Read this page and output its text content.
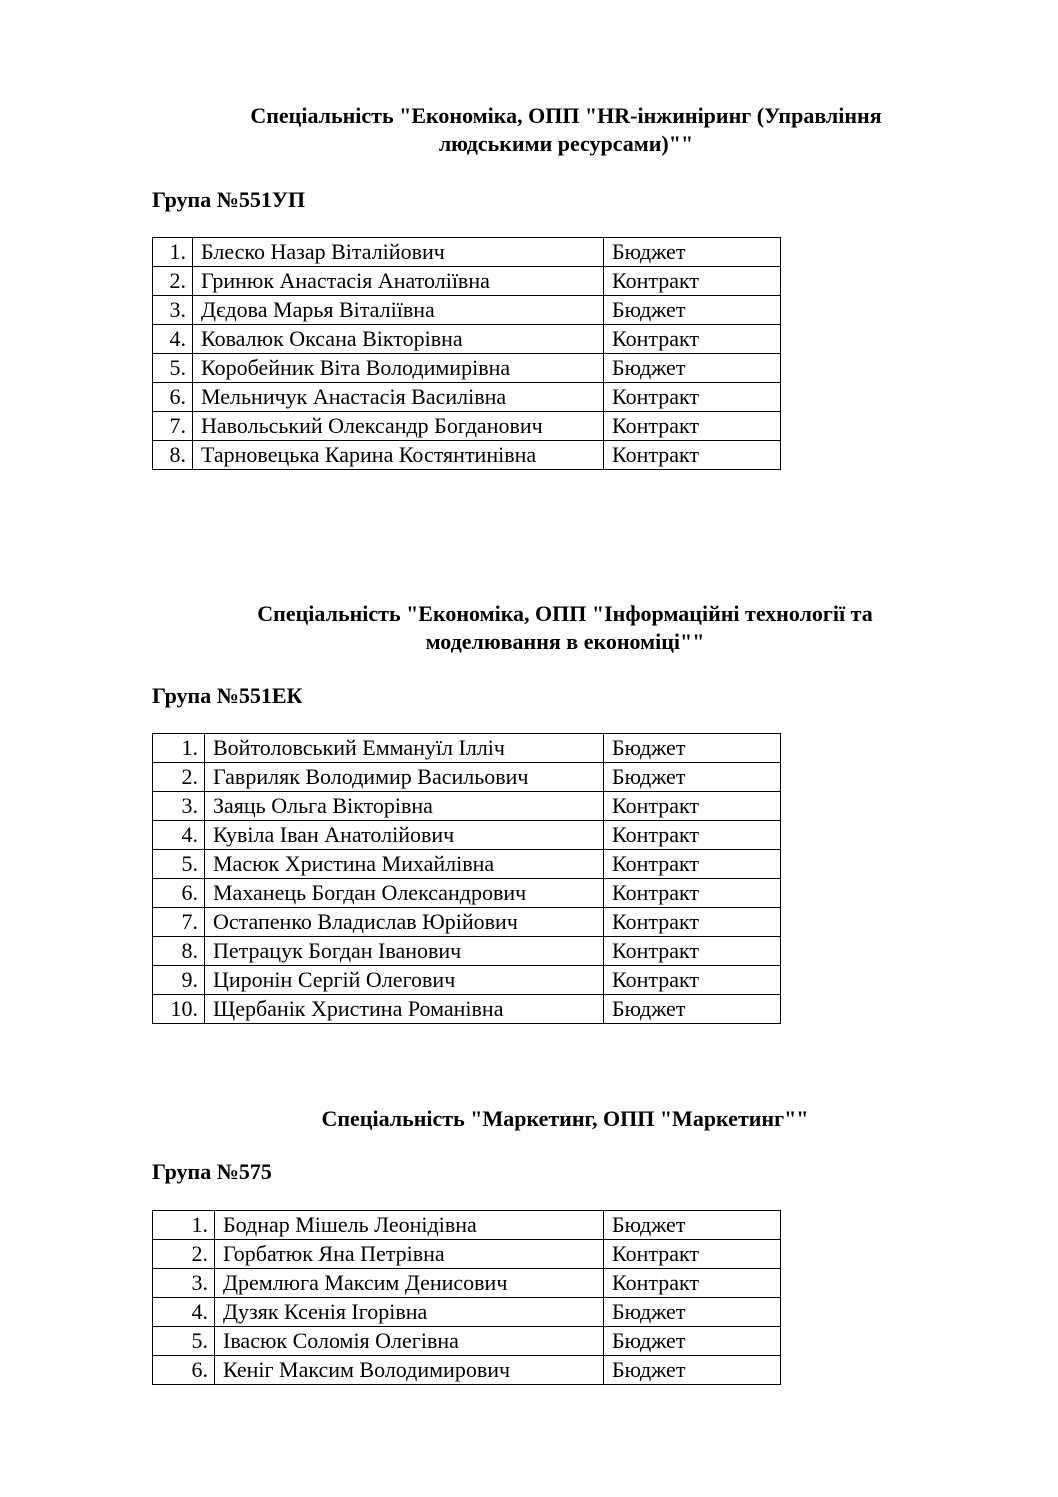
Спеціальність "Економіка, ОПП "HR-інжиніринг (Управління
людськими ресурсами)""
Група №551УП
1.	Блеско Назар Віталійович	Бюджет
2.	Гринюк Анастасія Анатоліївна	Контракт
3.	Дєдова Марья Віталіївна	Бюджет
4.	Ковалюк Оксана Вікторівна	Контракт
5.	Коробейник Віта Володимирівна	Бюджет
6.	Мельничук Анастасія Василівна	Контракт
7.	Навольський Олександр Богданович	Контракт
8.	Тарновецька Карина Костянтинівна	Контракт
Спеціальність "Економіка, ОПП "Інформаційні технології та
моделювання в економіці""
Група №551ЕК
1.	Войтоловський Еммануїл Ілліч	Бюджет
2.	Гавриляк Володимир Васильович	Бюджет
3.	Заяць Ольга Вікторівна	Контракт
4.	Кувіла Іван Анатолійович	Контракт
5.	Масюк Христина Михайлівна	Контракт
6.	Маханець Богдан Олександрович	Контракт
7.	Остапенко Владислав Юрійович	Контракт
8.	Петрацук Богдан Іванович	Контракт
9.	Циронін Сергій Олегович	Контракт
10.	Щербанік Христина Романівна	Бюджет
Спеціальність "Маркетинг, ОПП "Маркетинг""
Група №575
1.	Боднар Мішель Леонідівна	Бюджет
2.	Горбатюк Яна Петрівна	Контракт
3.	Дремлюга Максим Денисович	Контракт
4.	Дузяк Ксенія Ігорівна	Бюджет
5.	Івасюк Соломія Олегівна	Бюджет
6.	Кеніг Максим Володимирович	Бюджет
